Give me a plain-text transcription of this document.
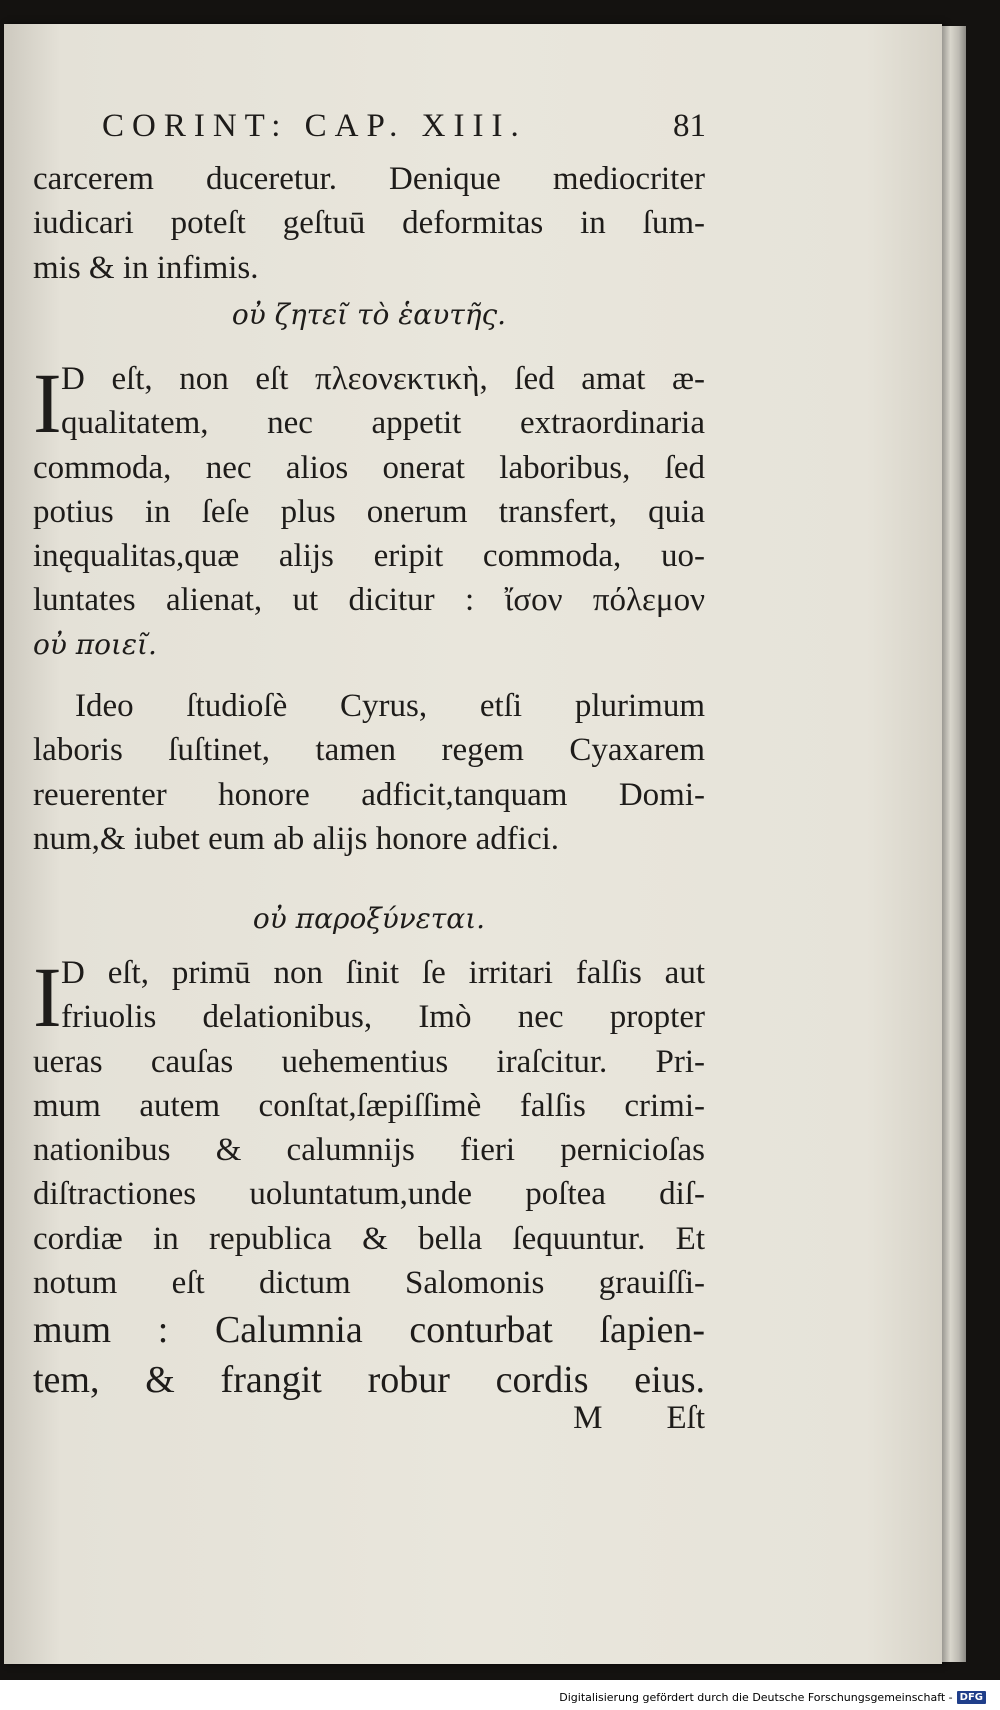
CORINT: CAP. XIII.	81
carcerem duceretur. Denique mediocriter
iudicari poteſt geſtuū deformitas in ſum-
mis & in infimis.
οὐ ζητεῖ τὸ ἑαυτῆς.
I D eſt, non eſt πλεονεκτικὴ, ſed amat æ-
qualitatem, nec appetit extraordinaria
commoda, nec alios onerat laboribus, ſed
potius in ſeſe plus onerum transfert, quia
inęqualitas,quæ alijs eripit commoda, uo-
luntates alienat, ut dicitur : ἴσον πόλεμον
οὐ ποιεῖ.
Ideo ſtudioſè Cyrus, etſi plurimum
laboris ſuſtinet, tamen regem Cyaxarem
reuerenter honore adficit,tanquam Domi-
num,& iubet eum ab alijs honore adfici.
οὐ παροξύνεται.
I D eſt, primū non ſinit ſe irritari falſis aut
friuolis delationibus, Imò nec propter
ueras cauſas uehementius iraſcitur. Pri-
mum autem conſtat,ſæpiſſimè falſis crimi-
nationibus & calumnijs fieri pernicioſas
diſtractiones uoluntatum,unde poſtea diſ-
cordiæ in republica & bella ſequuntur. Et
notum eſt dictum Salomonis grauiſſi-
mum : Calumnia conturbat ſapien-
tem, & frangit robur cordis eius.
M Eſt
Digitalisierung gefördert durch die Deutsche Forschungsgemeinschaft - DFG
